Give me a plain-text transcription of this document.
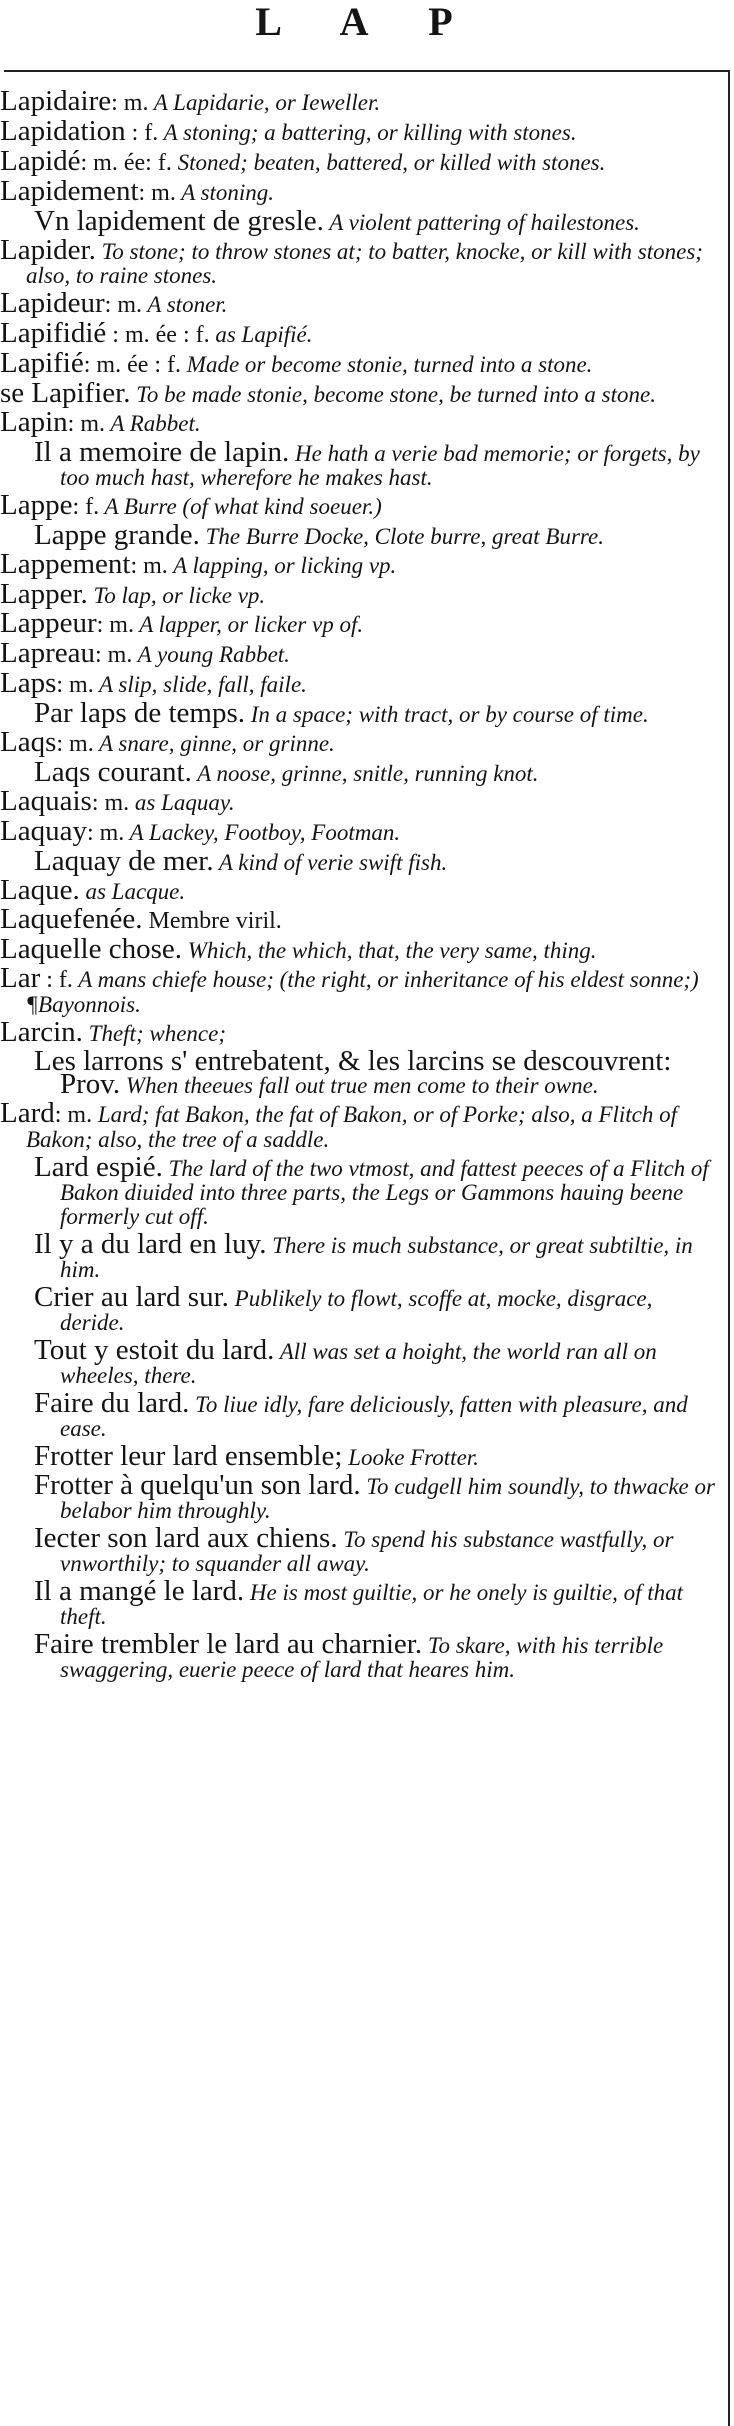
L A P
Lapidaire: m. A Lapidarie, or Ieweller.
Lapidation : f. A stoning; a battering, or killing with stones.
Lapidé: m. ée: f. Stoned; beaten, battered, or killed with stones.
Lapidement: m. A stoning.
Vn lapidement de gresle. A violent pattering of hailestones.
Lapider. To stone; to throw stones at; to batter, knocke, or kill with stones; also, to raine stones.
Lapideur: m. A stoner.
Lapifidié : m. ée : f. as Lapifié.
Lapifié: m. ée : f. Made or become stonie, turned into a stone.
se Lapifier. To be made stonie, become stone, be turned into a stone.
Lapin: m. A Rabbet.
Il a memoire de lapin. He hath a verie bad memorie; or forgets, by too much hast, wherefore he makes hast.
Lappe: f. A Burre (of what kind soeuer.)
Lappe grande. The Burre Docke, Clote burre, great Burre.
Lappement: m. A lapping, or licking vp.
Lapper. To lap, or licke vp.
Lappeur: m. A lapper, or licker vp of.
Lapreau: m. A young Rabbet.
Laps: m. A slip, slide, fall, faile.
Par laps de temps. In a space; with tract, or by course of time.
Laqs: m. A snare, ginne, or grinne.
Laqs courant. A noose, grinne, snitle, running knot.
Laquais: m. as Laquay.
Laquay: m. A Lackey, Footboy, Footman.
Laquay de mer. A kind of verie swift fish.
Laque. as Lacque.
Laquefenée. Membre viril.
Laquelle chose. Which, the which, that, the very same, thing.
Lar : f. A mans chiefe house; (the right, or inheritance of his eldest sonne;) ¶Bayonnois.
Larcin. Theft; whence;
Les larrons s' entrebatent, & les larcins se descouvrent: Prov. When theeues fall out true men come to their owne.
Lard: m. Lard; fat Bakon, the fat of Bakon, or of Porke; also, a Flitch of Bakon; also, the tree of a saddle.
Lard espié. The lard of the two vtmost, and fattest peeces of a Flitch of Bakon diuided into three parts, the Legs or Gammons hauing beene formerly cut off.
Il y a du lard en luy. There is much substance, or great subtiltie, in him.
Crier au lard sur. Publikely to flowt, scoffe at, mocke, disgrace, deride.
Tout y estoit du lard. All was set a hoight, the world ran all on wheeles, there.
Faire du lard. To liue idly, fare deliciously, fatten with pleasure, and ease.
Frotter leur lard ensemble; Looke Frotter.
Frotter à quelqu'un son lard. To cudgell him soundly, to thwacke or belabor him throughly.
Iecter son lard aux chiens. To spend his substance wastfully, or vnworthily; to squander all away.
Il a mangé le lard. He is most guiltie, or he onely is guiltie, of that theft.
Faire trembler le lard au charnier. To skare, with his terrible swaggering, euerie peece of lard that heares him.
